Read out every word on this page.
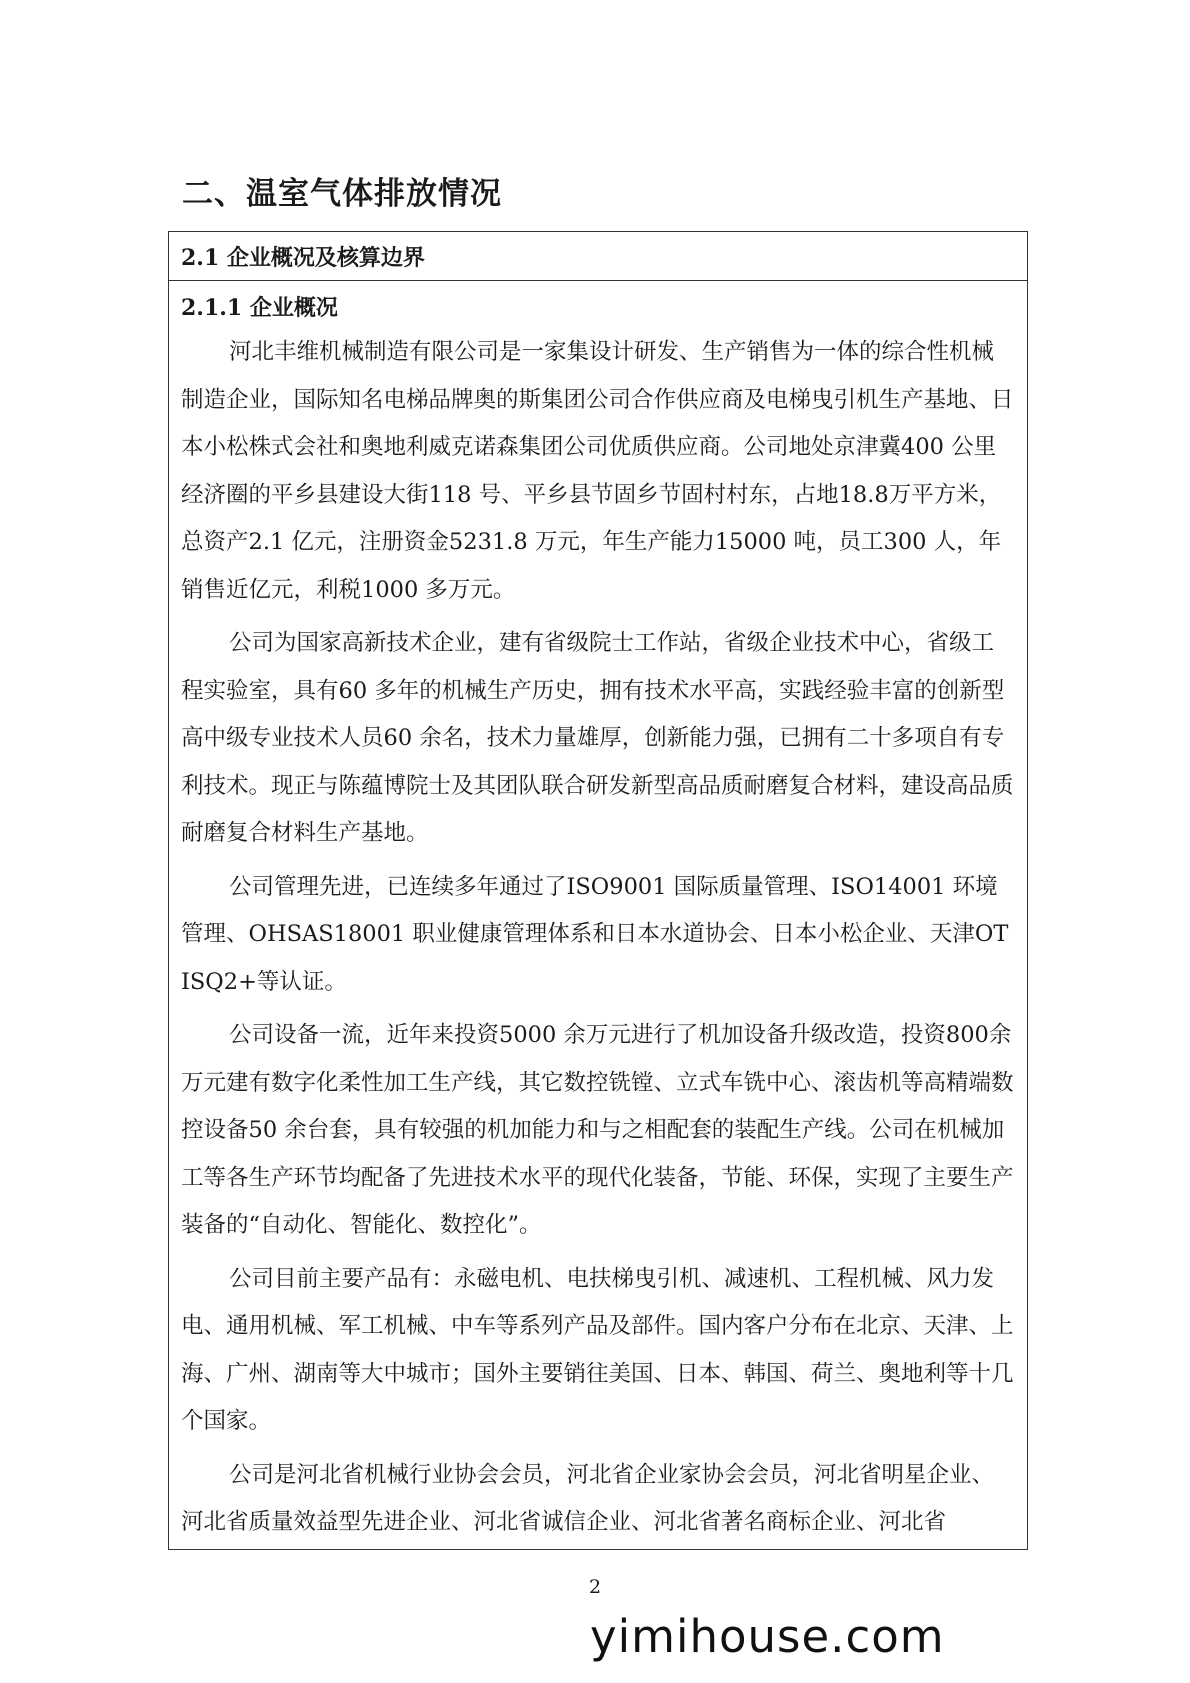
二、温室气体排放情况
2.1 企业概况及核算边界
2.1.1 企业概况

河北丰维机械制造有限公司是一家集设计研发、生产销售为一体的综合性机械制造企业，国际知名电梯品牌奥的斯集团公司合作供应商及电梯曳引机生产基地、日本小松株式会社和奥地利威克诺森集团公司优质供应商。公司地处京津冀400 公里经济圈的平乡县建设大街118 号、平乡县节固乡节固村村东，占地18.8万平方米，总资产2.1 亿元，注册资金5231.8 万元，年生产能力15000 吨，员工300 人，年销售近亿元，利税1000 多万元。

公司为国家高新技术企业，建有省级院士工作站，省级企业技术中心，省级工程实验室，具有60 多年的机械生产历史，拥有技术水平高，实践经验丰富的创新型高中级专业技术人员60 余名，技术力量雄厚，创新能力强，已拥有二十多项自有专利技术。现正与陈蕴博院士及其团队联合研发新型高品质耐磨复合材料，建设高品质耐磨复合材料生产基地。

公司管理先进，已连续多年通过了ISO9001 国际质量管理、ISO14001 环境管理、OHSAS18001 职业健康管理体系和日本水道协会、日本小松企业、天津OTISQ2+等认证。

公司设备一流，近年来投资5000 余万元进行了机加设备升级改造，投资800余万元建有数字化柔性加工生产线，其它数控铣镗、立式车铣中心、滚齿机等高精端数控设备50 余台套，具有较强的机加能力和与之相配套的装配生产线。公司在机械加工等各生产环节均配备了先进技术水平的现代化装备，节能、环保，实现了主要生产装备的“自动化、智能化、数控化”。

公司目前主要产品有：永磁电机、电扶梯曳引机、减速机、工程机械、风力发电、通用机械、军工机械、中车等系列产品及部件。国内客户分布在北京、天津、上海、广州、湖南等大中城市；国外主要销往美国、日本、韩国、荷兰、奥地利等十几个国家。

公司是河北省机械行业协会会员，河北省企业家协会会员，河北省明星企业、河北省质量效益型先进企业、河北省诚信企业、河北省著名商标企业、河北省

2
yimihouse.com
